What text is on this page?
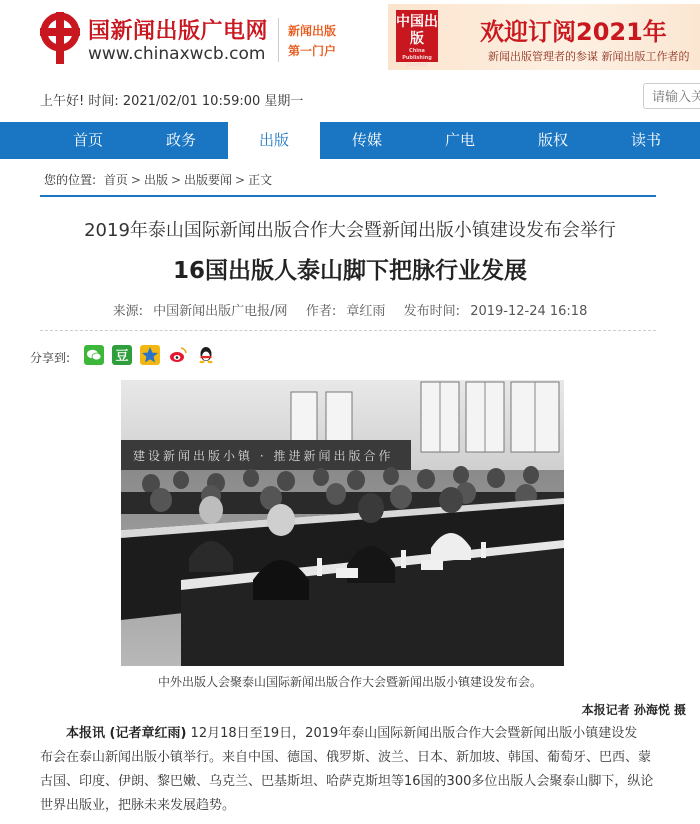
国新闻出版广电网
www.chinaxwcb.com
新闻出版
第一门户
中国出版
China Publishing Journal
欢迎订阅2021年
新闻出版管理者的参谋 新闻出版工作者的
上午好! 时间: 2021/02/01 10:59:00 星期一
请输入关
首页	政务	出版	传媒	广电	版权	读书
您的位置: 首页 > 出版 > 出版要闻 > 正文
2019年泰山国际新闻出版合作大会暨新闻出版小镇建设发布会举行
16国出版人泰山脚下把脉行业发展
来源: 中国新闻出版广电报/网 作者: 章红雨 发布时间: 2019-12-24 16:18
分享到:	豆
建设新闻出版小镇 · 推进新闻出版合作
中外出版人会聚泰山国际新闻出版合作大会暨新闻出版小镇建设发布会。
本报记者 孙海悦 摄
本报讯 (记者章红雨) 12月18日至19日，2019年泰山国际新闻出版合作大会暨新闻出版小镇建设发
布会在泰山新闻出版小镇举行。来自中国、德国、俄罗斯、波兰、日本、新加坡、韩国、葡萄牙、巴西、蒙
古国、印度、伊朗、黎巴嫩、乌克兰、巴基斯坦、哈萨克斯坦等16国的300多位出版人会聚泰山脚下，纵论
世界出版业，把脉未来发展趋势。
